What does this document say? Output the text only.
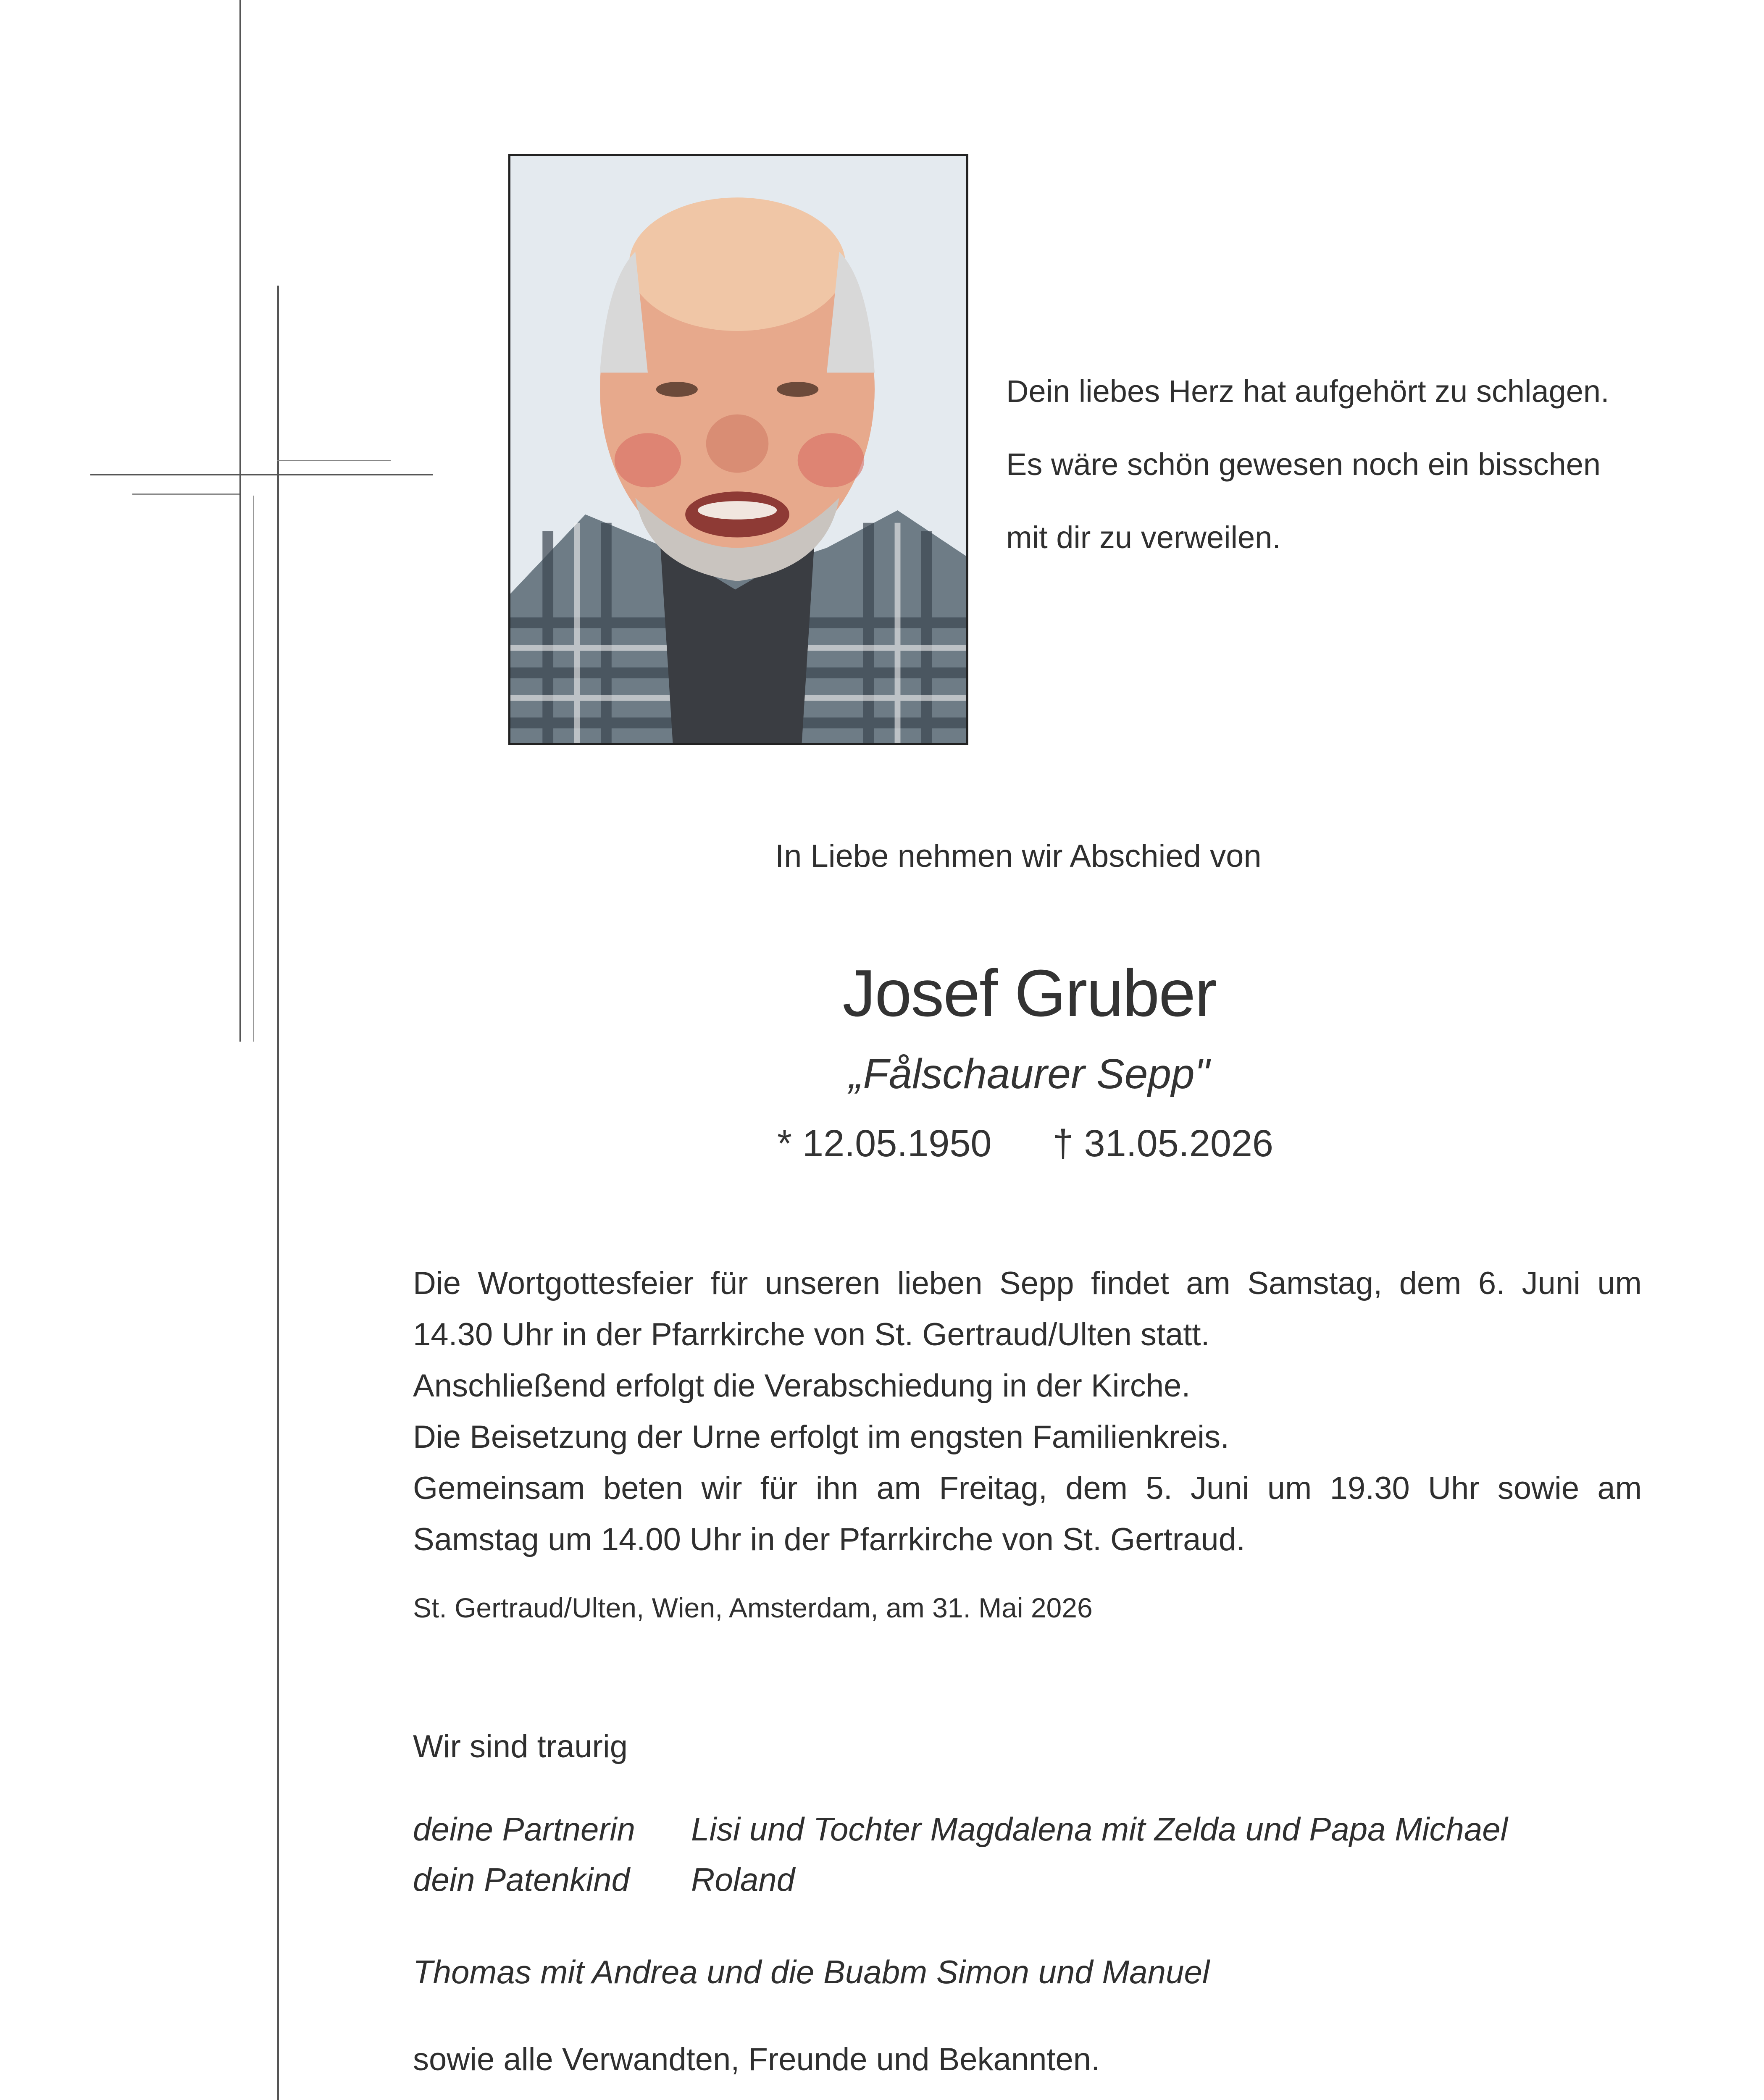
Dein liebes Herz hat aufgehört zu schlagen.
Es wäre schön gewesen noch ein bisschen
mit dir zu verweilen.
In Liebe nehmen wir Abschied von
Josef Gruber
„Fålschaurer Sepp"
* 12.05.1950 † 31.05.2026
Die Wortgottesfeier für unseren lieben Sepp findet am Samstag, dem 6. Juni um
14.30 Uhr in der Pfarrkirche von St. Gertraud/Ulten statt.
Anschließend erfolgt die Verabschiedung in der Kirche.
Die Beisetzung der Urne erfolgt im engsten Familienkreis.
Gemeinsam beten wir für ihn am Freitag, dem 5. Juni um 19.30 Uhr sowie am
Samstag um 14.00 Uhr in der Pfarrkirche von St. Gertraud.
St. Gertraud/Ulten, Wien, Amsterdam, am 31. Mai 2026
Wir sind traurig
deine Partnerin Lisi und Tochter Magdalena mit Zelda und Papa Michael
dein Patenkind Roland
Thomas mit Andrea und die Buabm Simon und Manuel
sowie alle Verwandten, Freunde und Bekannten.
